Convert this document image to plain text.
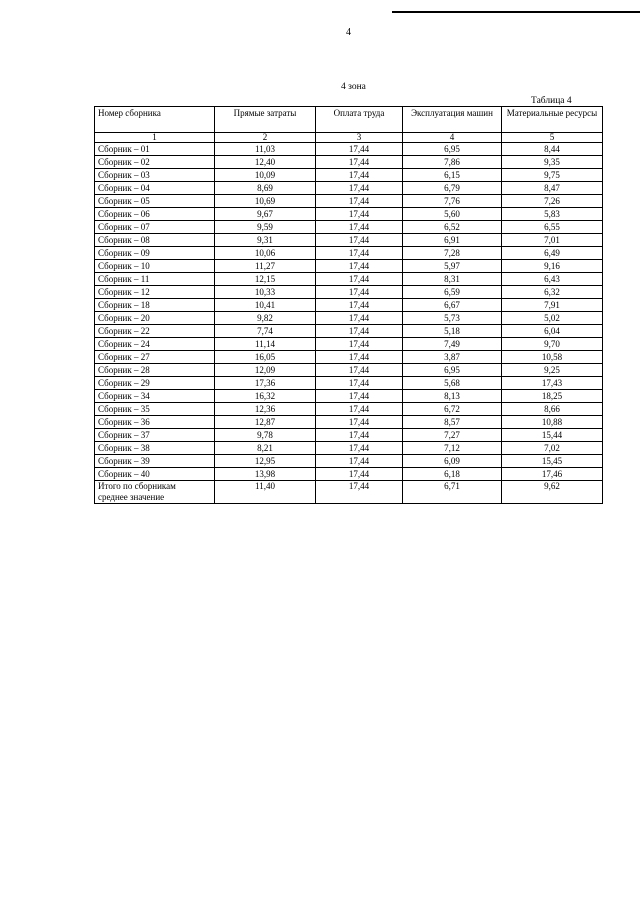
4
4 зона
Таблица 4
Номер сборника	Прямые затраты	Оплата труда	Эксплуатация машин	Материальные ресурсы
1	2	3	4	5
Сборник – 01	11,03	17,44	6,95	8,44
Сборник – 02	12,40	17,44	7,86	9,35
Сборник – 03	10,09	17,44	6,15	9,75
Сборник – 04	8,69	17,44	6,79	8,47
Сборник – 05	10,69	17,44	7,76	7,26
Сборник – 06	9,67	17,44	5,60	5,83
Сборник – 07	9,59	17,44	6,52	6,55
Сборник – 08	9,31	17,44	6,91	7,01
Сборник – 09	10,06	17,44	7,28	6,49
Сборник – 10	11,27	17,44	5,97	9,16
Сборник – 11	12,15	17,44	8,31	6,43
Сборник – 12	10,33	17,44	6,59	6,32
Сборник – 18	10,41	17,44	6,67	7,91
Сборник – 20	9,82	17,44	5,73	5,02
Сборник – 22	7,74	17,44	5,18	6,04
Сборник – 24	11,14	17,44	7,49	9,70
Сборник – 27	16,05	17,44	3,87	10,58
Сборник – 28	12,09	17,44	6,95	9,25
Сборник – 29	17,36	17,44	5,68	17,43
Сборник – 34	16,32	17,44	8,13	18,25
Сборник – 35	12,36	17,44	6,72	8,66
Сборник – 36	12,87	17,44	8,57	10,88
Сборник – 37	9,78	17,44	7,27	15,44
Сборник – 38	8,21	17,44	7,12	7,02
Сборник – 39	12,95	17,44	6,09	15,45
Сборник – 40	13,98	17,44	6,18	17,46
Итого по сборникам
среднее значение	11,40	17,44	6,71	9,62
